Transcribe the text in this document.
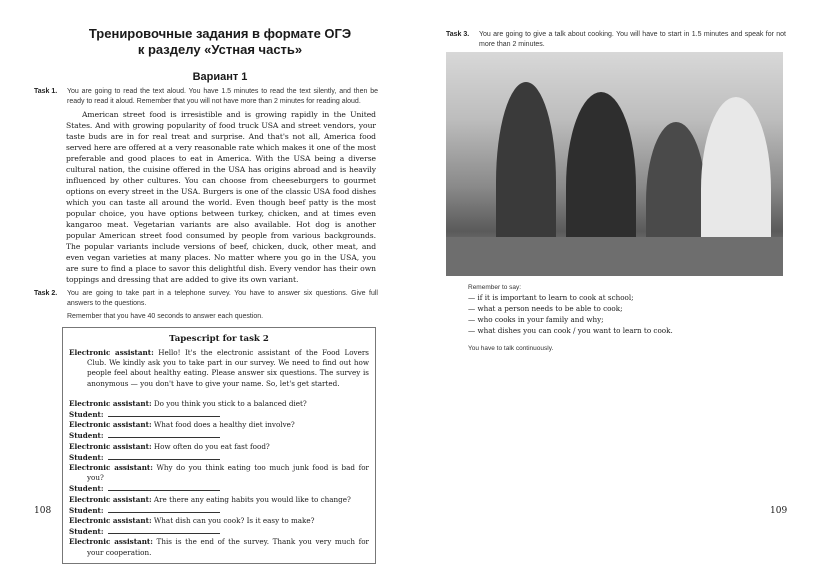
Тренировочные задания в формате ОГЭ
к разделу «Устная часть»
Вариант 1
Task 1.	You are going to read the text aloud. You have 1.5 minutes to read the text silently, and then be ready to read it aloud. Remember that you will not have more than 2 minutes for reading aloud.
American street food is irresistible and is growing rapidly in the United States. And with growing popularity of food truck USA and street vendors, your taste buds are in for real treat and surprise. And that's not all, America food served here are offered at a very reasonable rate which makes it one of the most preferable and good places to eat in America. With the USA being a diverse cultural nation, the cuisine offered in the USA has origins abroad and is heavily influenced by other cultures. You can choose from cheeseburgers to gourmet options on every street in the USA. Burgers is one of the classic USA food dishes which you can taste all around the world. Even though beef patty is the most popular choice, you have options between turkey, chicken, and at times even kangaroo meat. Vegetarian variants are also available. Hot dog is another popular American street food consumed by people from various backgrounds. The popular variants include versions of beef, chicken, duck, other meat, and even vegan varieties at many places. No matter where you go in the USA, you are sure to find a place to savor this delightful dish. Every vendor has their own toppings and dressing that are added to give its own variant.
Task 2.	You are going to take part in a telephone survey. You have to answer six questions. Give full answers to the questions.
Remember that you have 40 seconds to answer each question.
Tapescript for task 2
Electronic assistant: Hello! It's the electronic assistant of the Food Lovers Club. We kindly ask you to take part in our survey. We need to find out how people feel about healthy eating. Please answer six questions. The survey is anonymous — you don't have to give your name. So, let's get started.
Electronic assistant: Do you think you stick to a balanced diet?
Student:
Electronic assistant: What food does a healthy diet involve?
Student:
Electronic assistant: How often do you eat fast food?
Student:
Electronic assistant: Why do you think eating too much junk food is bad for you?
Student:
Electronic assistant: Are there any eating habits you would like to change?
Student:
Electronic assistant: What dish can you cook? Is it easy to make?
Student:
Electronic assistant: This is the end of the survey. Thank you very much for your cooperation.
108
Task 3.	You are going to give a talk about cooking. You will have to start in 1.5 minutes and speak for not more than 2 minutes.
Remember to say:
— if it is important to learn to cook at school;
— what a person needs to be able to cook;
— who cooks in your family and why;
— what dishes you can cook / you want to learn to cook.
You have to talk continuously.
109
